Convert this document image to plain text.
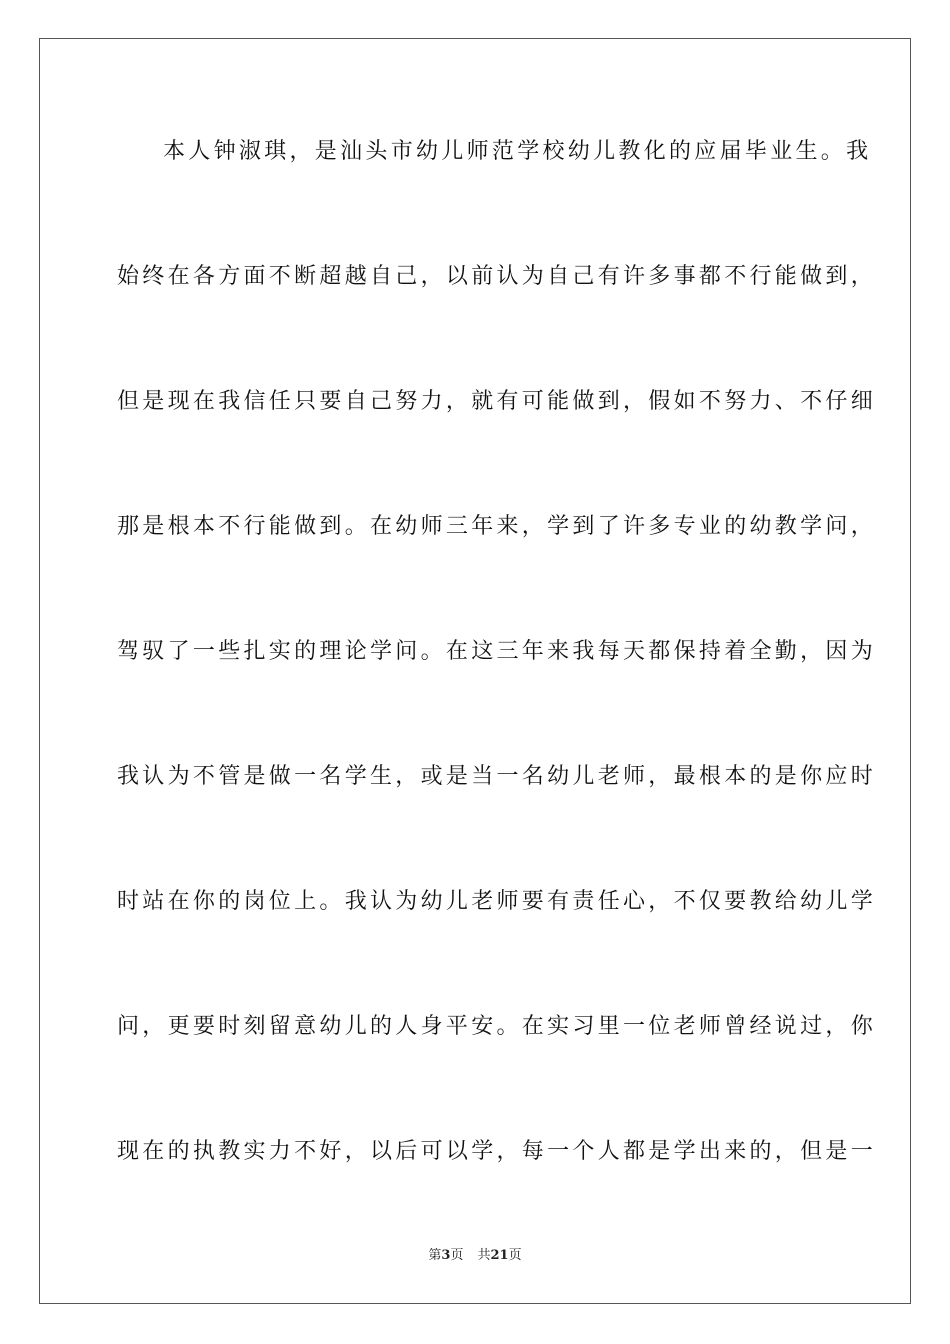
本人钟淑琪，是汕头市幼儿师范学校幼儿教化的应届毕业生。我
始终在各方面不断超越自己，以前认为自己有许多事都不行能做到，
但是现在我信任只要自己努力，就有可能做到，假如不努力、不仔细
那是根本不行能做到。在幼师三年来，学到了许多专业的幼教学问，
驾驭了一些扎实的理论学问。在这三年来我每天都保持着全勤，因为
我认为不管是做一名学生，或是当一名幼儿老师，最根本的是你应时
时站在你的岗位上。我认为幼儿老师要有责任心，不仅要教给幼儿学
问，更要时刻留意幼儿的人身平安。在实习里一位老师曾经说过，你
现在的执教实力不好，以后可以学，每一个人都是学出来的，但是一
第3页 共21页
